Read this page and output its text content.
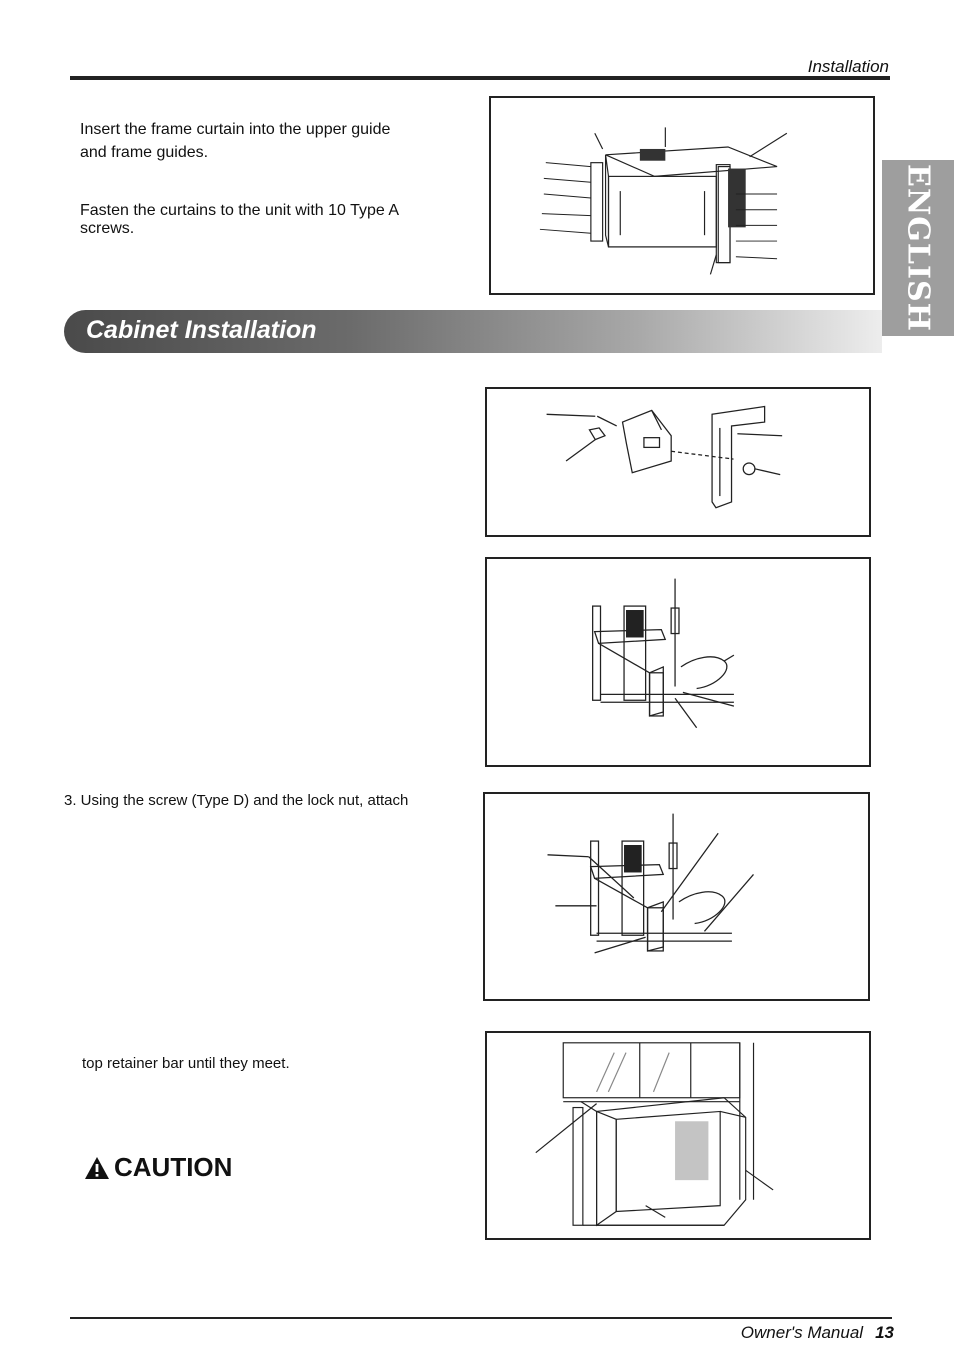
Installation
ENGLISH
Insert the frame curtain into the upper guide
and frame guides.
Fasten the curtains to the unit with 10 Type A
screws.
Cabinet Installation
3. Using the screw (Type D) and the lock nut, attach
top retainer bar until they meet.
CAUTION
Owner's Manual 13
